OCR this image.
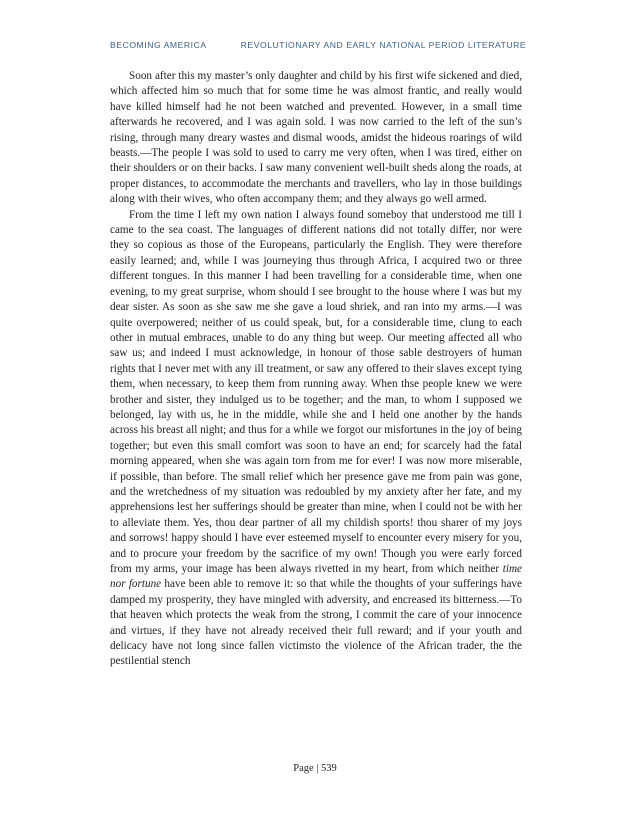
BECOMING AMERICA	REVOLUTIONARY AND EARLY NATIONAL PERIOD LITERATURE

Soon after this my master’s only daughter and child by his first wife sickened and died, which affected him so much that for some time he was almost frantic, and really would have killed himself had he not been watched and prevented. However, in a small time afterwards he recovered, and I was again sold. I was now carried to the left of the sun’s rising, through many dreary wastes and dismal woods, amidst the hideous roarings of wild beasts.—The people I was sold to used to carry me very often, when I was tired, either on their shoulders or on their backs. I saw many convenient well-built sheds along the roads, at proper distances, to accommodate the merchants and travellers, who lay in those buildings along with their wives, who often accompany them; and they always go well armed.

From the time I left my own nation I always found someboy that understood me till I came to the sea coast. The languages of different nations did not totally differ, nor were they so copious as those of the Europeans, particularly the English. They were therefore easily learned; and, while I was journeying thus through Africa, I acquired two or three different tongues. In this manner I had been travelling for a considerable time, when one evening, to my great surprise, whom should I see brought to the house where I was but my dear sister. As soon as she saw me she gave a loud shriek, and ran into my arms.—I was quite overpowered; neither of us could speak, but, for a considerable time, clung to each other in mutual embraces, unable to do any thing but weep. Our meeting affected all who saw us; and indeed I must acknowledge, in honour of those sable destroyers of human rights that I never met with any ill treatment, or saw any offered to their slaves except tying them, when necessary, to keep them from running away. When thse people knew we were brother and sister, they indulged us to be together; and the man, to whom I supposed we belonged, lay with us, he in the middle, while she and I held one another by the hands across his breast all night; and thus for a while we forgot our misfortunes in the joy of being together; but even this small comfort was soon to have an end; for scarcely had the fatal morning appeared, when she was again torn from me for ever! I was now more miserable, if possible, than before. The small relief which her presence gave me from pain was gone, and the wretchedness of my situation was redoubled by my anxiety after her fate, and my apprehensions lest her sufferings should be greater than mine, when I could not be with her to alleviate them. Yes, thou dear partner of all my childish sports! thou sharer of my joys and sorrows! happy should I have ever esteemed myself to encounter every misery for you, and to procure your freedom by the sacrifice of my own! Though you were early forced from my arms, your image has been always rivetted in my heart, from which neither time nor fortune have been able to remove it: so that while the thoughts of your sufferings have damped my prosperity, they have mingled with adversity, and encreased its bitterness.—To that heaven which protects the weak from the strong, I commit the care of your innocence and virtues, if they have not already received their full reward; and if your youth and delicacy have not long since fallen victimsto the violence of the African trader, the the pestilential stench

Page | 539
